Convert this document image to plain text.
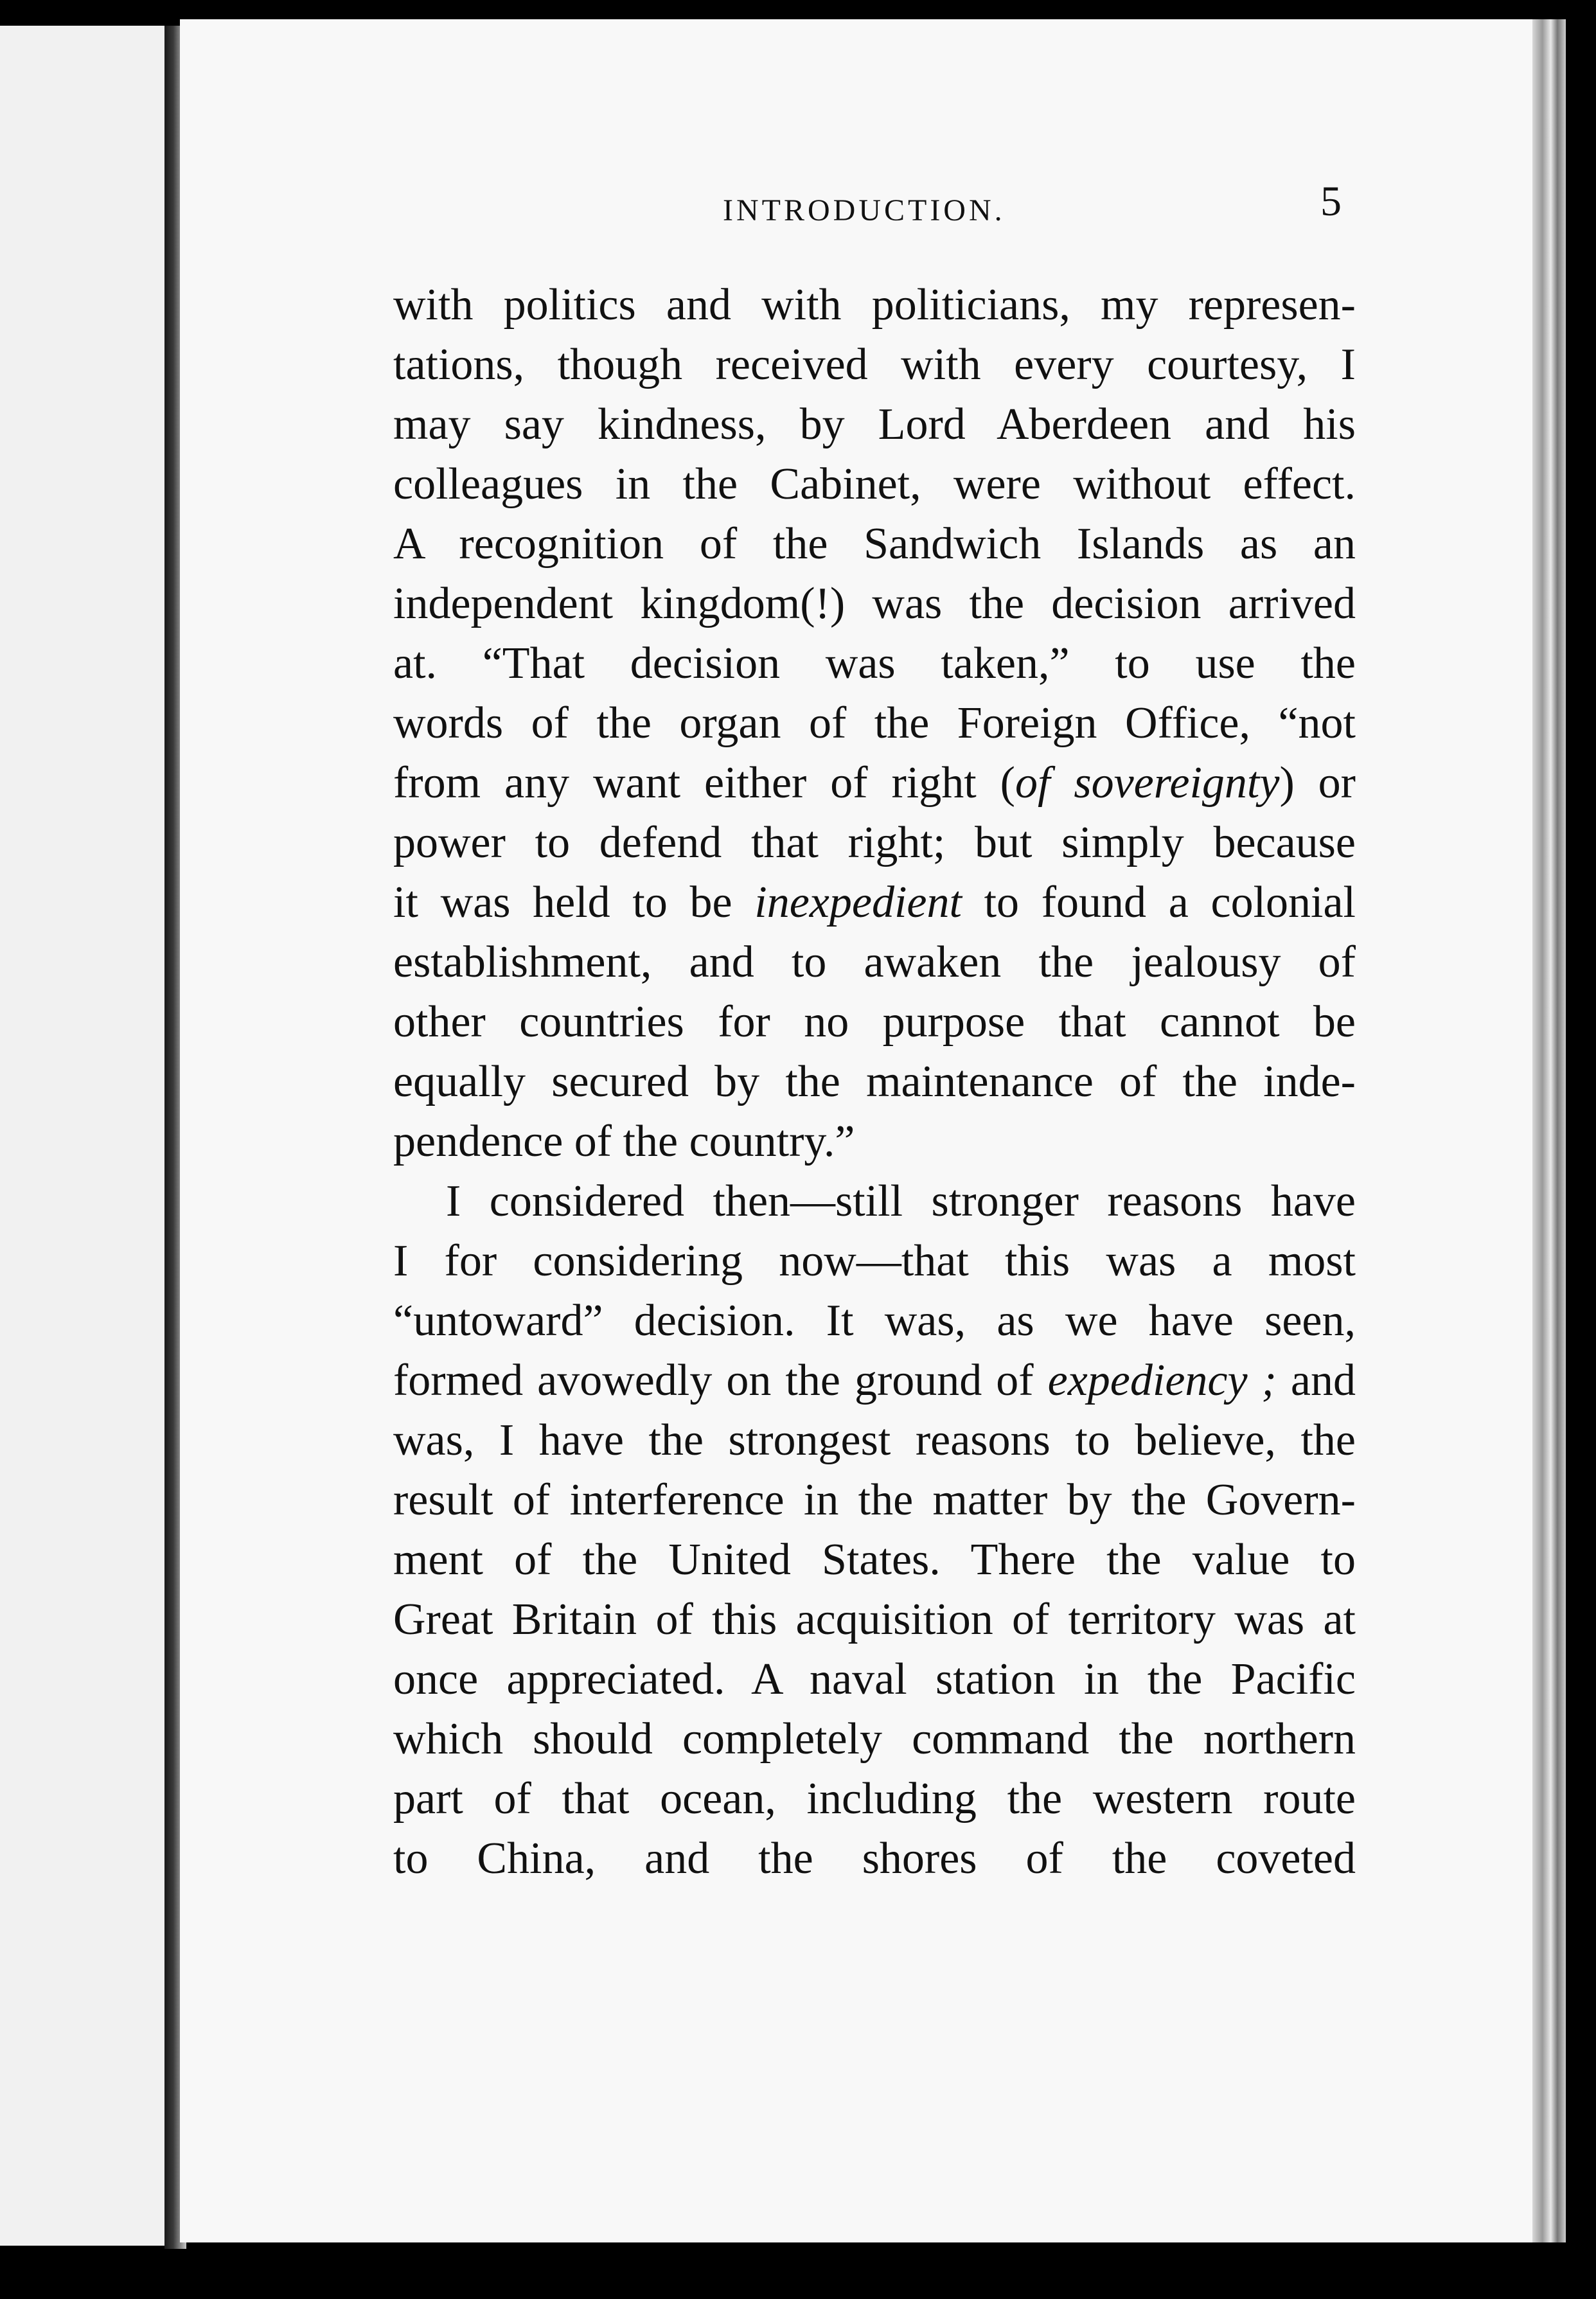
INTRODUCTION.	5
with politics and with politicians, my represen-
tations, though received with every courtesy, I
may say kindness, by Lord Aberdeen and his
colleagues in the Cabinet, were without effect.
A recognition of the Sandwich Islands as an
independent kingdom(!) was the decision arrived
at. “That decision was taken,” to use the
words of the organ of the Foreign Office, “not
from any want either of right (of sovereignty) or
power to defend that right; but simply because
it was held to be inexpedient to found a colonial
establishment, and to awaken the jealousy of
other countries for no purpose that cannot be
equally secured by the maintenance of the inde-
pendence of the country.”
I considered then—still stronger reasons have
I for considering now—that this was a most
“untoward” decision. It was, as we have seen,
formed avowedly on the ground of expediency ; and
was, I have the strongest reasons to believe, the
result of interference in the matter by the Govern-
ment of the United States. There the value to
Great Britain of this acquisition of territory was at
once appreciated. A naval station in the Pacific
which should completely command the northern
part of that ocean, including the western route
to China, and the shores of the coveted
